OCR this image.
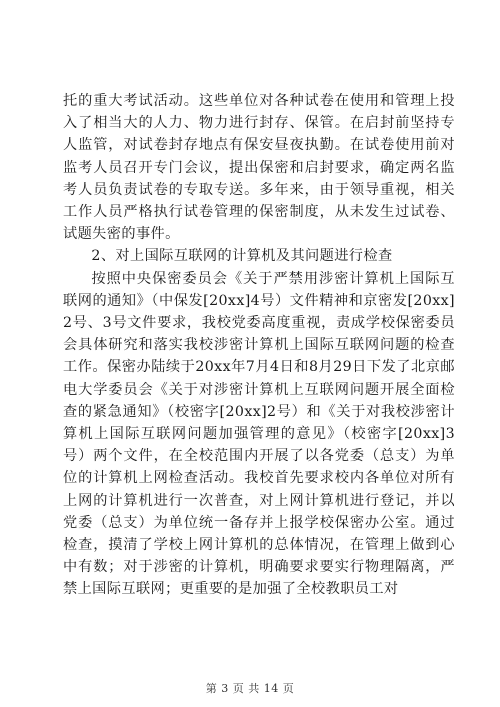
托的重大考试活动。这些单位对各种试卷在使用和管理上投入了相当大的人力、物力进行封存、保管。在启封前坚持专人监管，对试卷封存地点有保安昼夜执勤。在试卷使用前对监考人员召开专门会议，提出保密和启封要求，确定两名监考人员负责试卷的专取专送。多年来，由于领导重视，相关工作人员严格执行试卷管理的保密制度，从未发生过试卷、试题失密的事件。

2、对上国际互联网的计算机及其问题进行检查

按照中央保密委员会《关于严禁用涉密计算机上国际互联网的通知》（中保发[20xx]4号）文件精神和京密发[20xx]2号、3号文件要求，我校党委高度重视，责成学校保密委员会具体研究和落实我校涉密计算机上国际互联网问题的检查工作。保密办陆续于20xx年7月4日和8月29日下发了北京邮电大学委员会《关于对涉密计算机上互联网问题开展全面检查的紧急通知》（校密字[20xx]2号）和《关于对我校涉密计算机上国际互联网问题加强管理的意见》（校密字[20xx]3号）两个文件，在全校范围内开展了以各党委（总支）为单位的计算机上网检查活动。我校首先要求校内各单位对所有上网的计算机进行一次普查，对上网计算机进行登记，并以党委（总支）为单位统一备存并上报学校保密办公室。通过检查，摸清了学校上网计算机的总体情况，在管理上做到心中有数；对于涉密的计算机，明确要求要实行物理隔离，严禁上国际互联网；更重要的是加强了全校教职员工对

第 3 页 共 14 页
